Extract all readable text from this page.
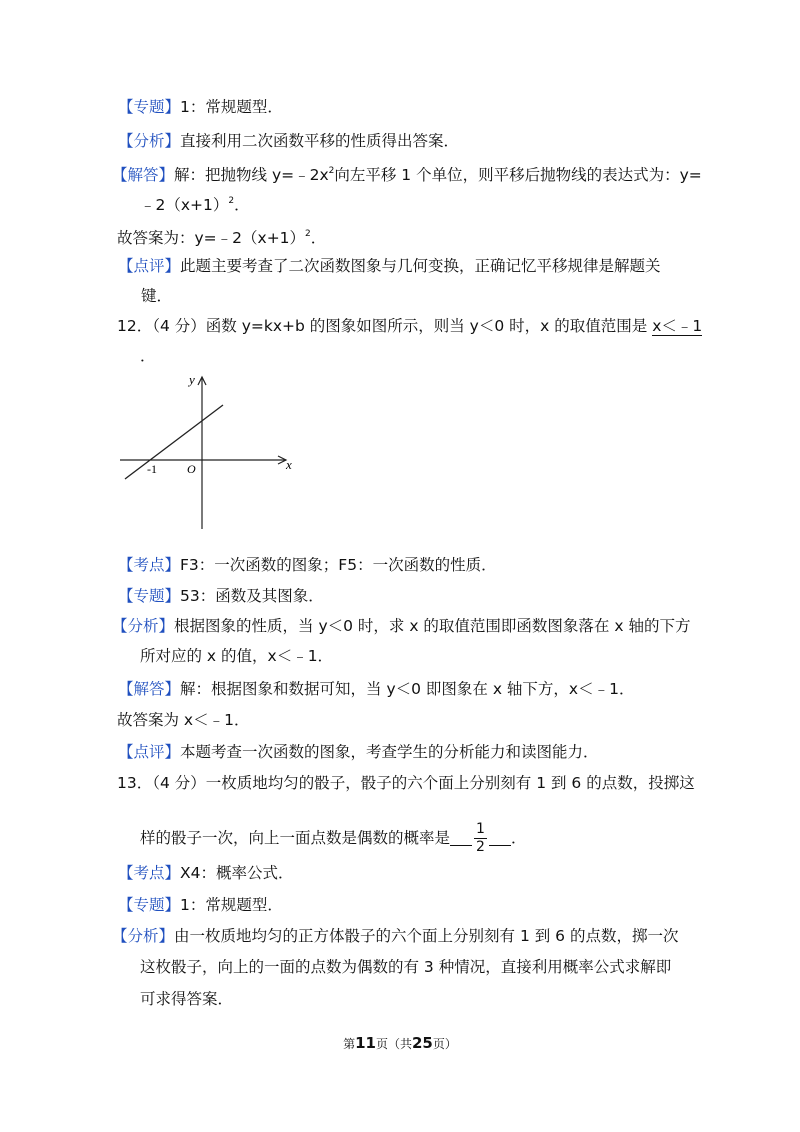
【专题】1：常规题型．
【分析】直接利用二次函数平移的性质得出答案．
【解答】解：把抛物线 $y=﹣2x^2$向左平移 1 个单位，则平移后抛物线的表达式为：y=
$﹣2(x+1)^2$．
故答案为：$y=﹣2(x+1)^2$．
【点评】此题主要考查了二次函数图象与几何变换，正确记忆平移规律是解题关
键．
12．（4 分）函数 y=kx+b 的图象如图所示，则当 y＜0 时，x 的取值范围是 x＜﹣1
．
y
x
O
-1
【考点】F3：一次函数的图象；F5：一次函数的性质．
【专题】53：函数及其图象．
【分析】根据图象的性质，当 y＜0 时，求 x 的取值范围即函数图象落在 x 轴的下方
所对应的 x 的值，x＜﹣1．
【解答】解：根据图象和数据可知，当 y＜0 即图象在 x 轴下方，x＜﹣1．
故答案为 x＜﹣1．
【点评】本题考查一次函数的图象，考查学生的分析能力和读图能力．
13．（4 分）一枚质地均匀的骰子，骰子的六个面上分别刻有 1 到 6 的点数，投掷这
样的骰子一次，向上一面点数是偶数的概率是 $\frac{1}{2}$ ．
【考点】X4：概率公式．
【专题】1：常规题型．
【分析】由一枚质地均匀的正方体骰子的六个面上分别刻有 1 到 6 的点数，掷一次
这枚骰子，向上的一面的点数为偶数的有 3 种情况，直接利用概率公式求解即
可求得答案．
第11页（共25页）
